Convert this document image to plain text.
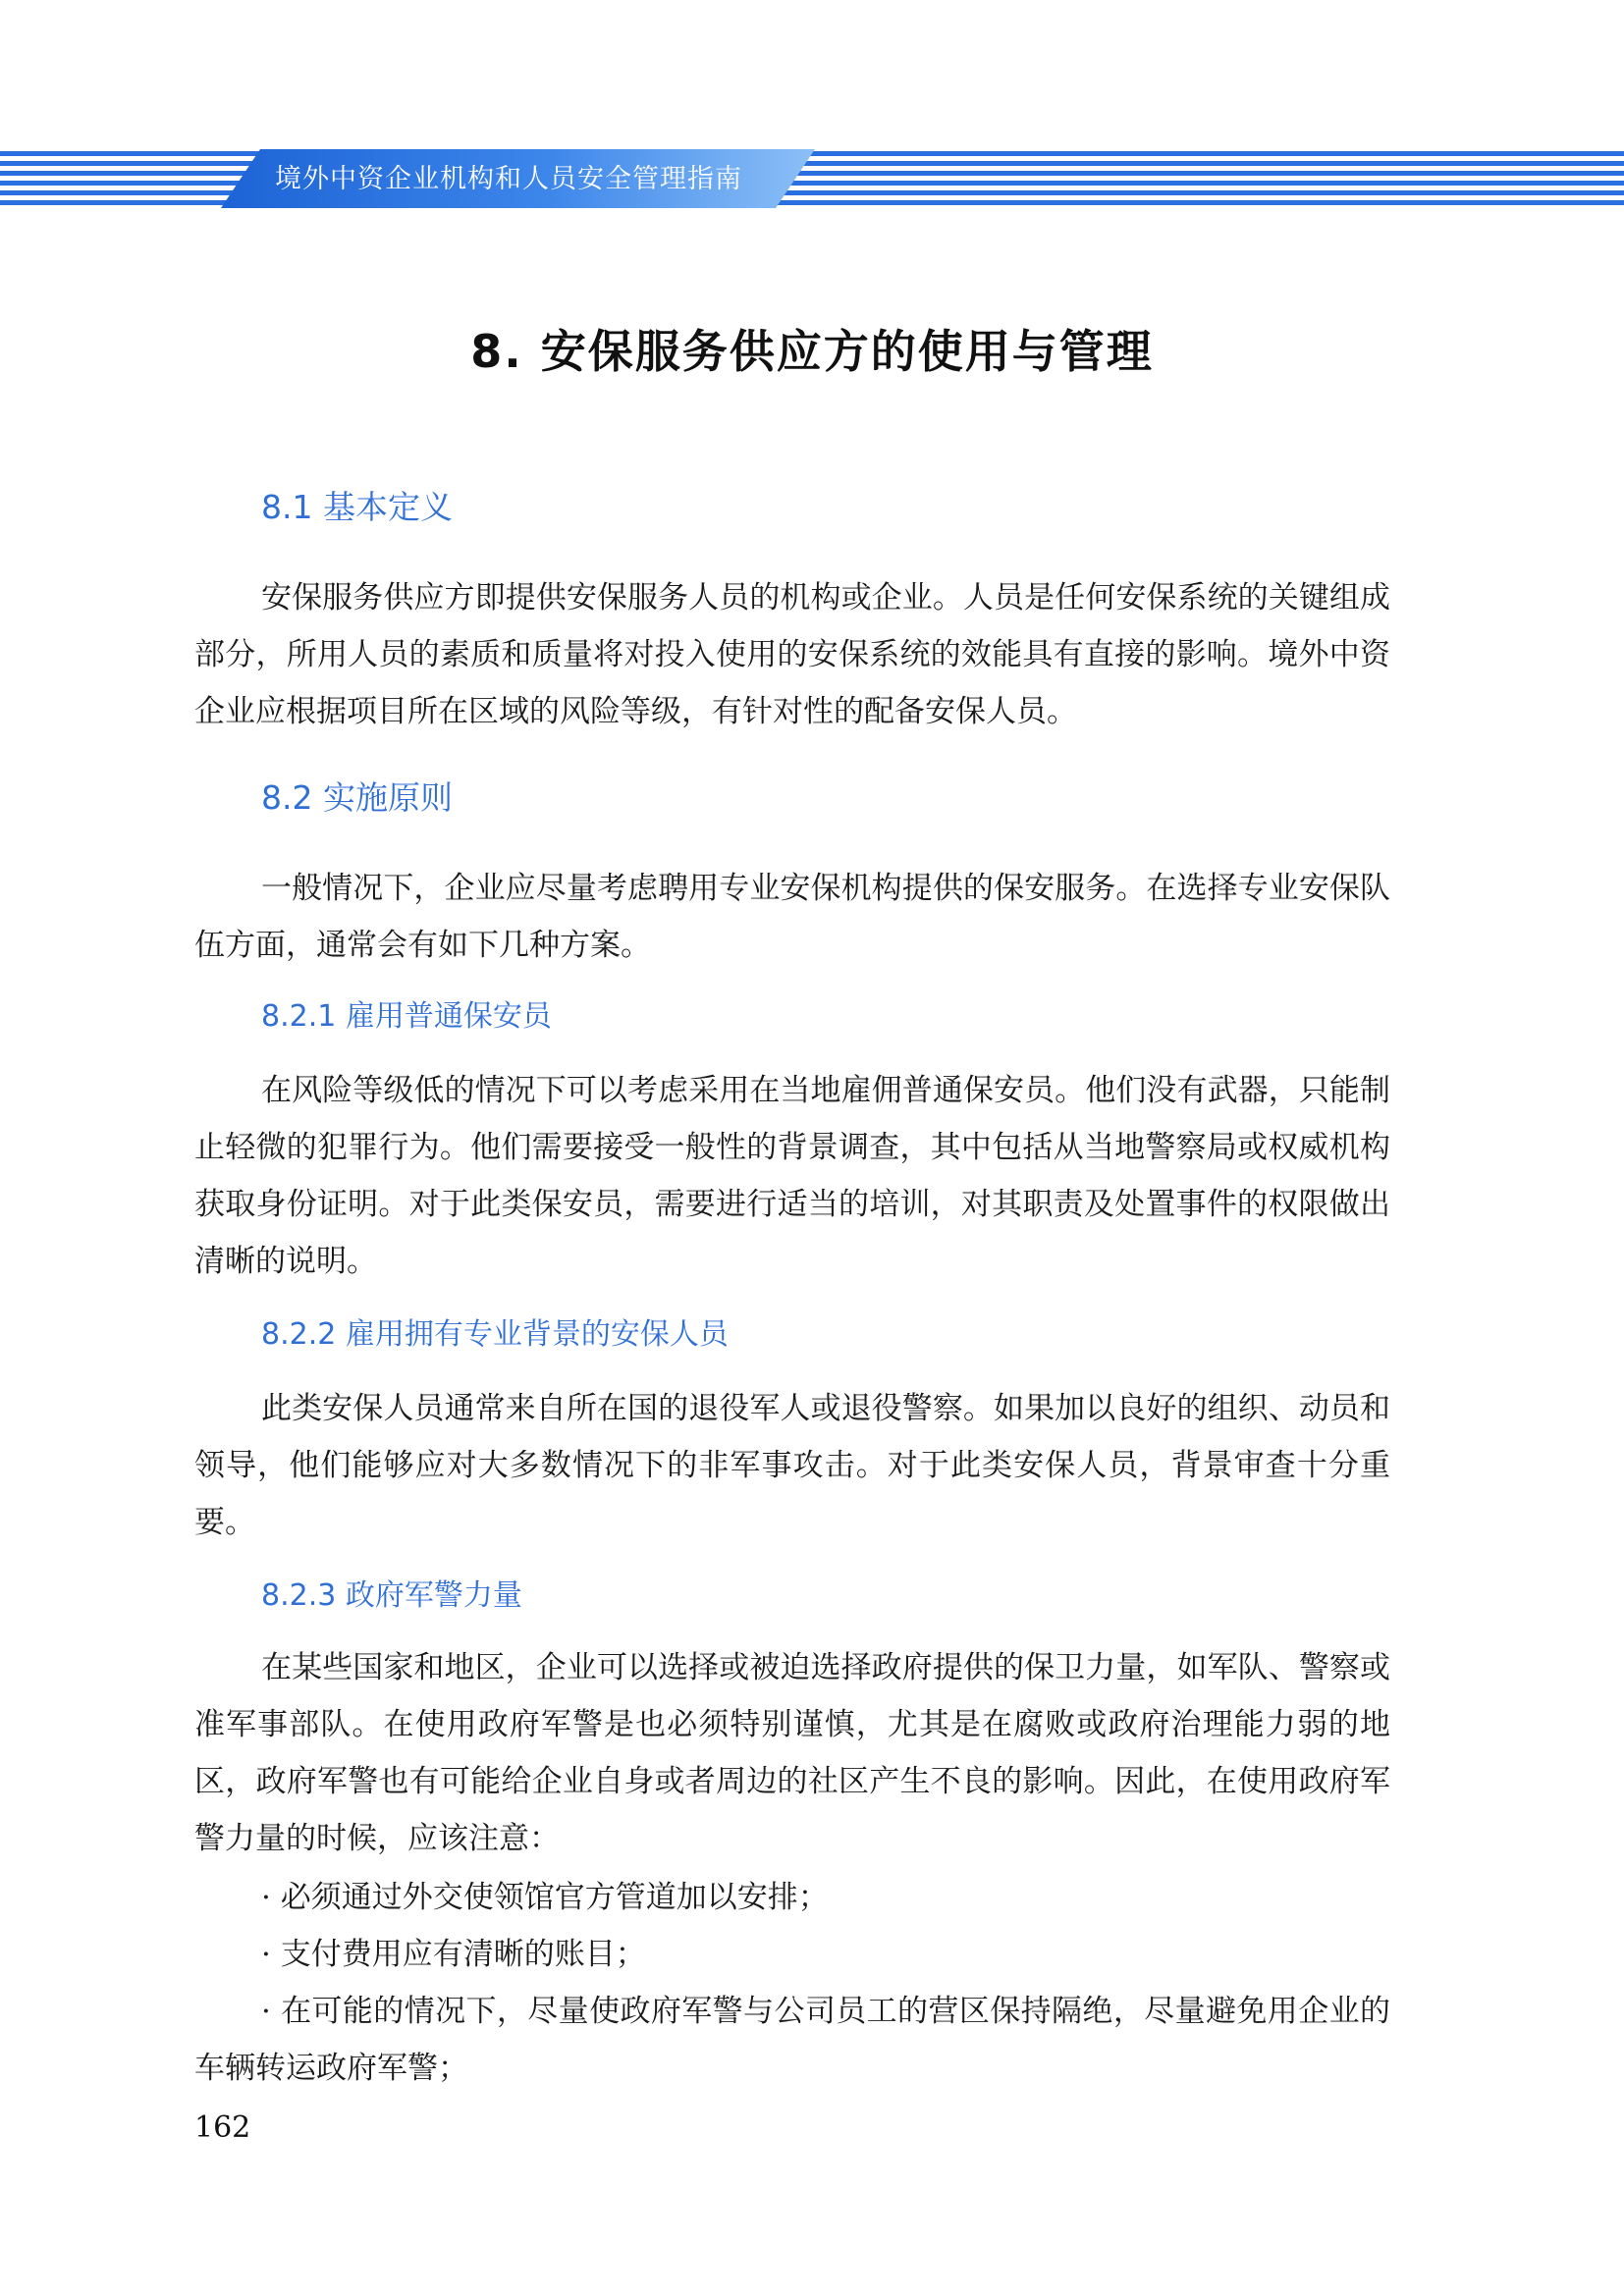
境外中资企业机构和人员安全管理指南
8. 安保服务供应方的使用与管理
8.1 基本定义

安保服务供应方即提供安保服务人员的机构或企业。人员是任何安保系统的关键组成部分，所用人员的素质和质量将对投入使用的安保系统的效能具有直接的影响。境外中资企业应根据项目所在区域的风险等级，有针对性的配备安保人员。

8.2 实施原则

一般情况下，企业应尽量考虑聘用专业安保机构提供的保安服务。在选择专业安保队伍方面，通常会有如下几种方案。

8.2.1 雇用普通保安员

在风险等级低的情况下可以考虑采用在当地雇佣普通保安员。他们没有武器，只能制止轻微的犯罪行为。他们需要接受一般性的背景调查，其中包括从当地警察局或权威机构获取身份证明。对于此类保安员，需要进行适当的培训，对其职责及处置事件的权限做出清晰的说明。

8.2.2 雇用拥有专业背景的安保人员

此类安保人员通常来自所在国的退役军人或退役警察。如果加以良好的组织、动员和领导，他们能够应对大多数情况下的非军事攻击。对于此类安保人员，背景审查十分重要。

8.2.3 政府军警力量

在某些国家和地区，企业可以选择或被迫选择政府提供的保卫力量，如军队、警察或准军事部队。在使用政府军警是也必须特别谨慎，尤其是在腐败或政府治理能力弱的地区，政府军警也有可能给企业自身或者周边的社区产生不良的影响。因此，在使用政府军警力量的时候，应该注意：

· 必须通过外交使领馆官方管道加以安排；

· 支付费用应有清晰的账目；

· 在可能的情况下，尽量使政府军警与公司员工的营区保持隔绝，尽量避免用企业的车辆转运政府军警；

162
